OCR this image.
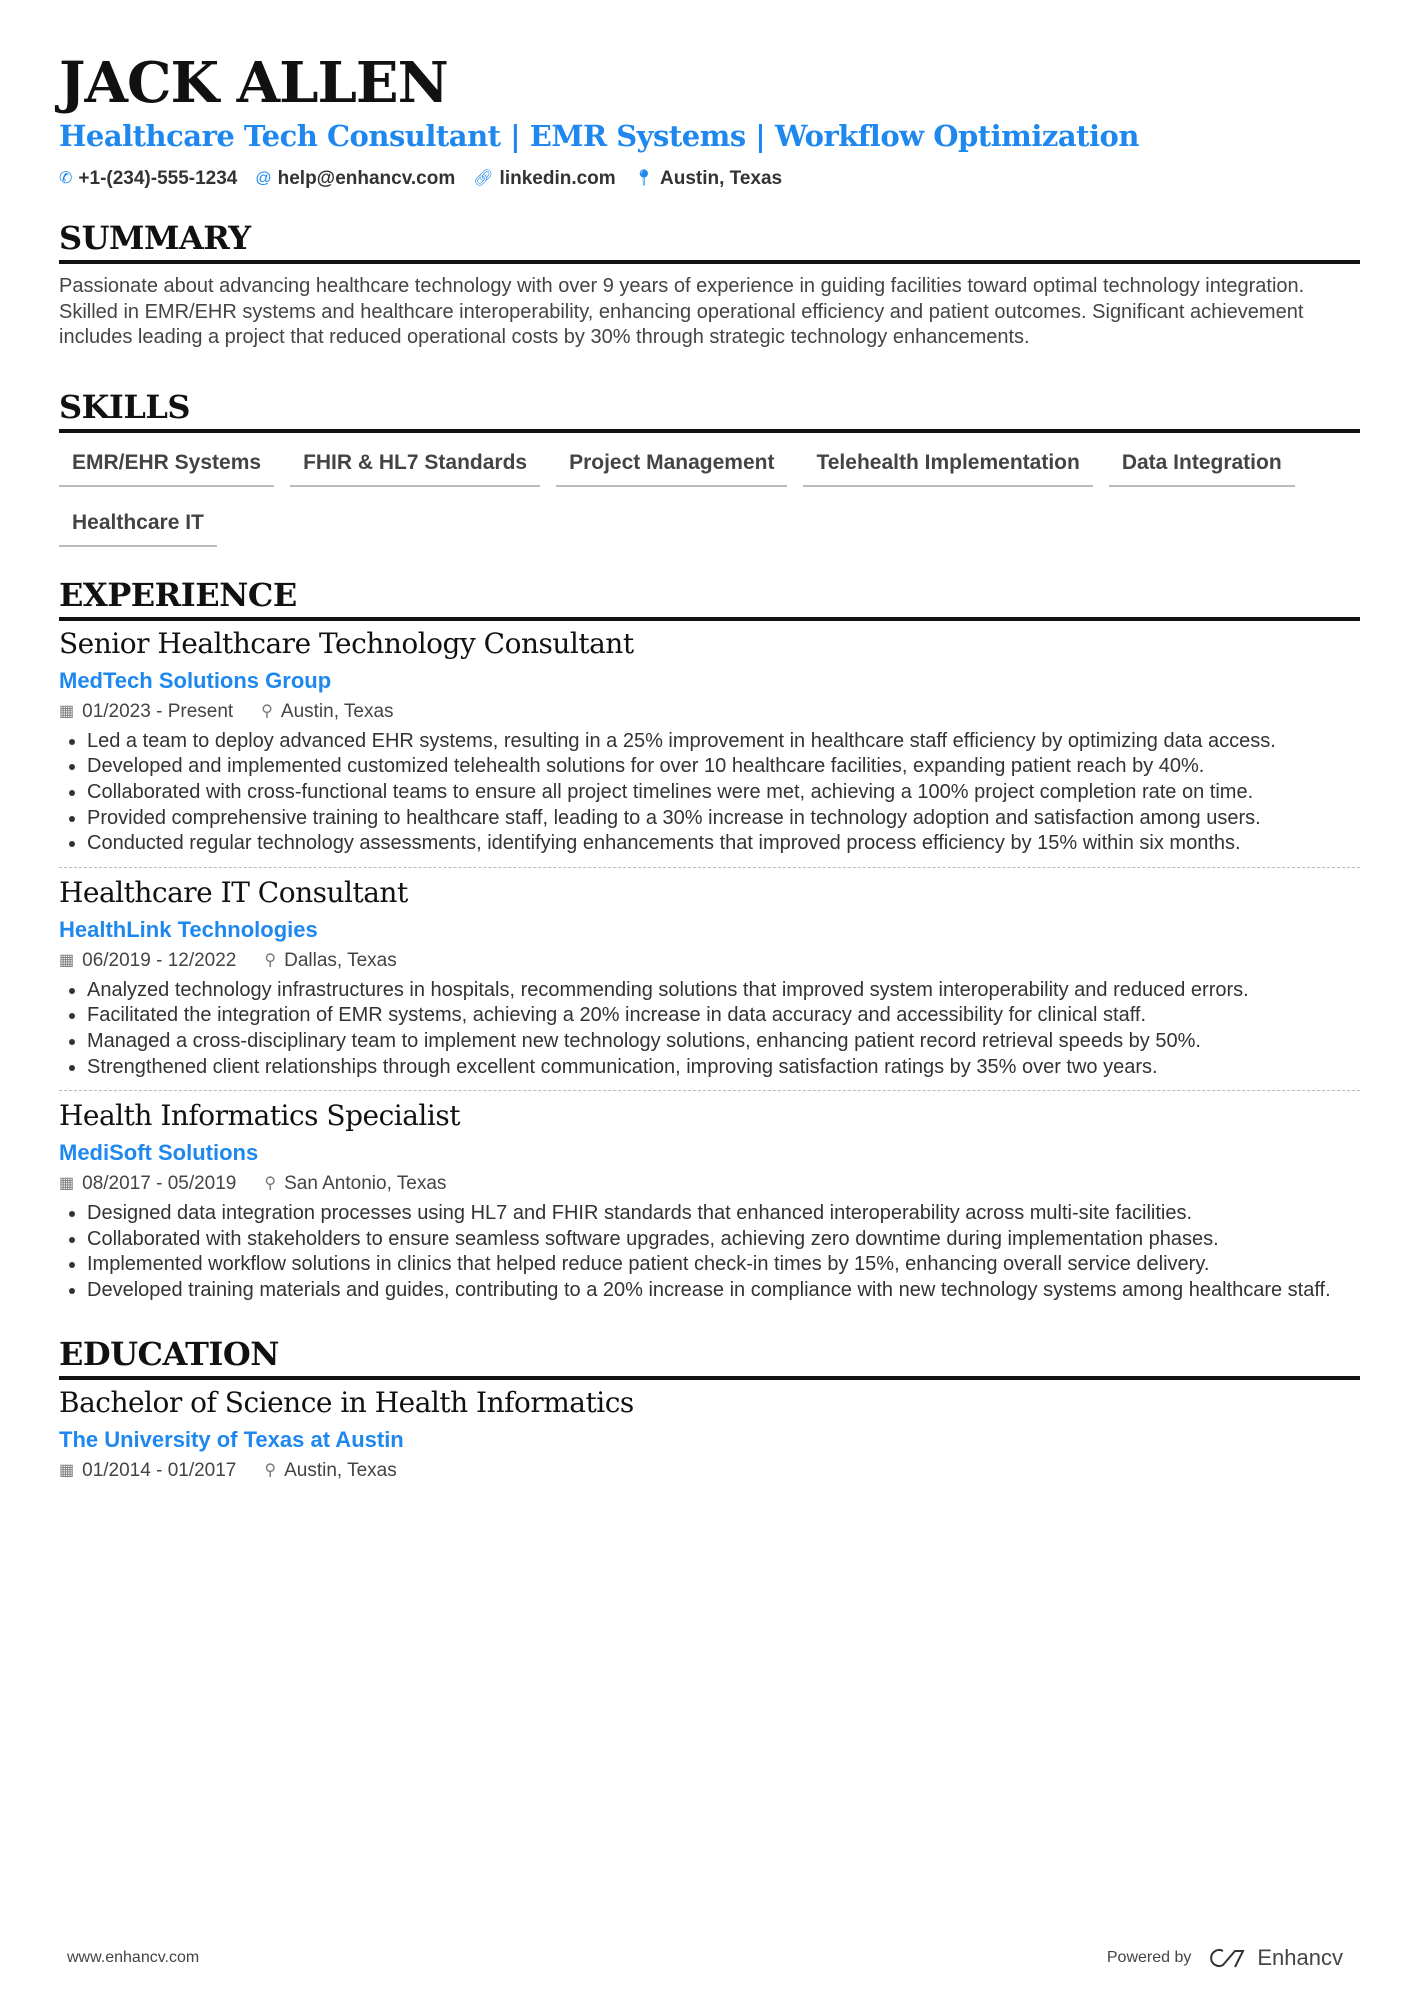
JACK ALLEN
Healthcare Tech Consultant | EMR Systems | Workflow Optimization
✆ +1-(234)-555-1234 @ help@enhancv.com 🔗︎ linkedin.com 📍︎ Austin, Texas
SUMMARY
Passionate about advancing healthcare technology with over 9 years of experience in guiding facilities toward optimal technology integration. Skilled in EMR/EHR systems and healthcare interoperability, enhancing operational efficiency and patient outcomes. Significant achievement includes leading a project that reduced operational costs by 30% through strategic technology enhancements.
SKILLS
EMR/EHR Systems	FHIR & HL7 Standards	Project Management	Telehealth Implementation	Data Integration
Healthcare IT
EXPERIENCE
Senior Healthcare Technology Consultant
MedTech Solutions Group
▦ 01/2023 - Present ⚲ Austin, Texas
• Led a team to deploy advanced EHR systems, resulting in a 25% improvement in healthcare staff efficiency by optimizing data access.
• Developed and implemented customized telehealth solutions for over 10 healthcare facilities, expanding patient reach by 40%.
• Collaborated with cross-functional teams to ensure all project timelines were met, achieving a 100% project completion rate on time.
• Provided comprehensive training to healthcare staff, leading to a 30% increase in technology adoption and satisfaction among users.
• Conducted regular technology assessments, identifying enhancements that improved process efficiency by 15% within six months.
Healthcare IT Consultant
HealthLink Technologies
▦ 06/2019 - 12/2022 ⚲ Dallas, Texas
• Analyzed technology infrastructures in hospitals, recommending solutions that improved system interoperability and reduced errors.
• Facilitated the integration of EMR systems, achieving a 20% increase in data accuracy and accessibility for clinical staff.
• Managed a cross-disciplinary team to implement new technology solutions, enhancing patient record retrieval speeds by 50%.
• Strengthened client relationships through excellent communication, improving satisfaction ratings by 35% over two years.
Health Informatics Specialist
MediSoft Solutions
▦ 08/2017 - 05/2019 ⚲ San Antonio, Texas
• Designed data integration processes using HL7 and FHIR standards that enhanced interoperability across multi-site facilities.
• Collaborated with stakeholders to ensure seamless software upgrades, achieving zero downtime during implementation phases.
• Implemented workflow solutions in clinics that helped reduce patient check-in times by 15%, enhancing overall service delivery.
• Developed training materials and guides, contributing to a 20% increase in compliance with new technology systems among healthcare staff.
EDUCATION
Bachelor of Science in Health Informatics
The University of Texas at Austin
▦ 01/2014 - 01/2017 ⚲ Austin, Texas
www.enhancv.com	Powered by	Enhancv
